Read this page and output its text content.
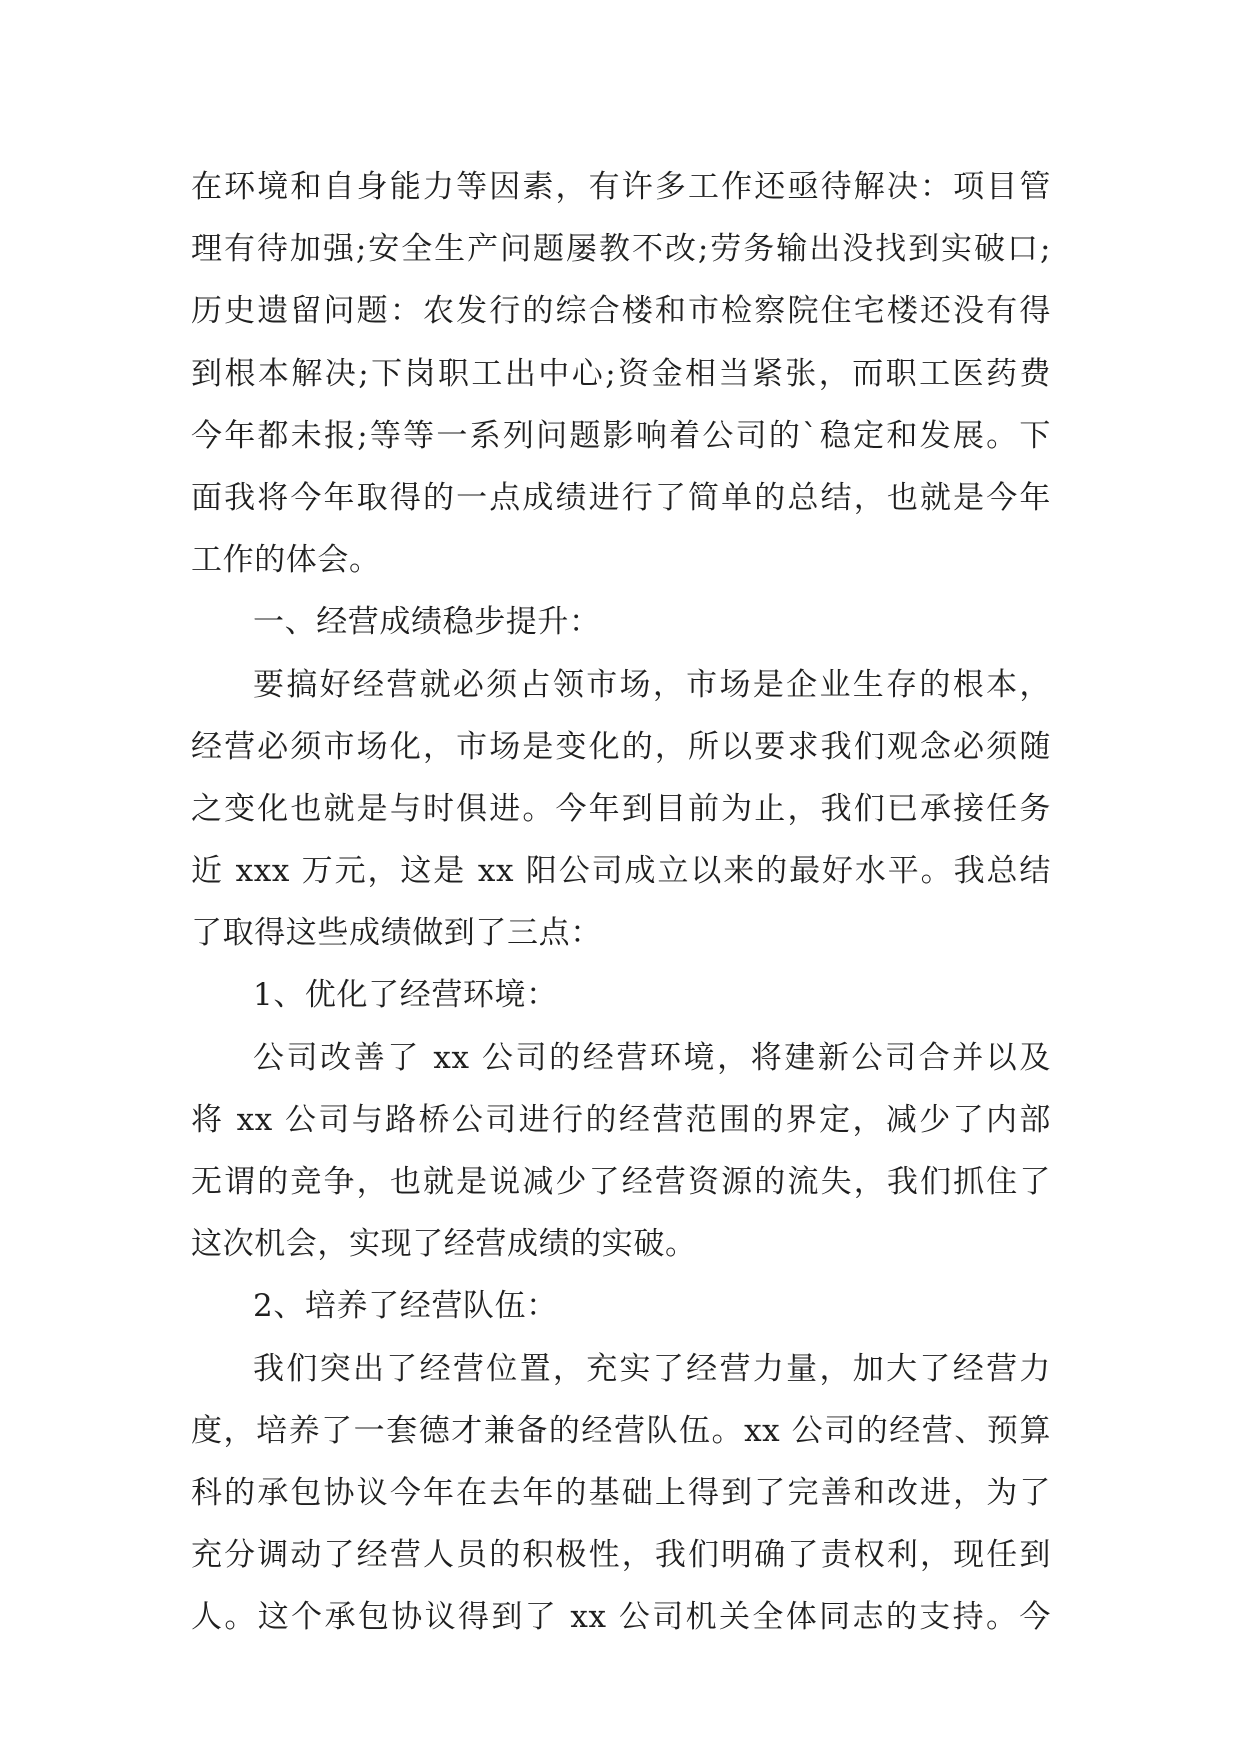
在环境和自身能力等因素，有许多工作还亟待解决：项目管
理有待加强;安全生产问题屡教不改;劳务输出没找到实破口;
历史遗留问题：农发行的综合楼和市检察院住宅楼还没有得
到根本解决;下岗职工出中心;资金相当紧张，而职工医药费
今年都未报;等等一系列问题影响着公司的`稳定和发展。下
面我将今年取得的一点成绩进行了简单的总结，也就是今年
工作的体会。
一、经营成绩稳步提升：
要搞好经营就必须占领市场，市场是企业生存的根本，
经营必须市场化，市场是变化的，所以要求我们观念必须随
之变化也就是与时俱进。今年到目前为止，我们已承接任务
近 xxx 万元，这是 xx 阳公司成立以来的最好水平。我总结
了取得这些成绩做到了三点：
1、优化了经营环境：
公司改善了 xx 公司的经营环境，将建新公司合并以及
将 xx 公司与路桥公司进行的经营范围的界定，减少了内部
无谓的竞争，也就是说减少了经营资源的流失，我们抓住了
这次机会，实现了经营成绩的实破。
2、培养了经营队伍：
我们突出了经营位置，充实了经营力量，加大了经营力
度，培养了一套德才兼备的经营队伍。xx 公司的经营、预算
科的承包协议今年在去年的基础上得到了完善和改进，为了
充分调动了经营人员的积极性，我们明确了责权利，现任到
人。这个承包协议得到了 xx 公司机关全体同志的支持。今
